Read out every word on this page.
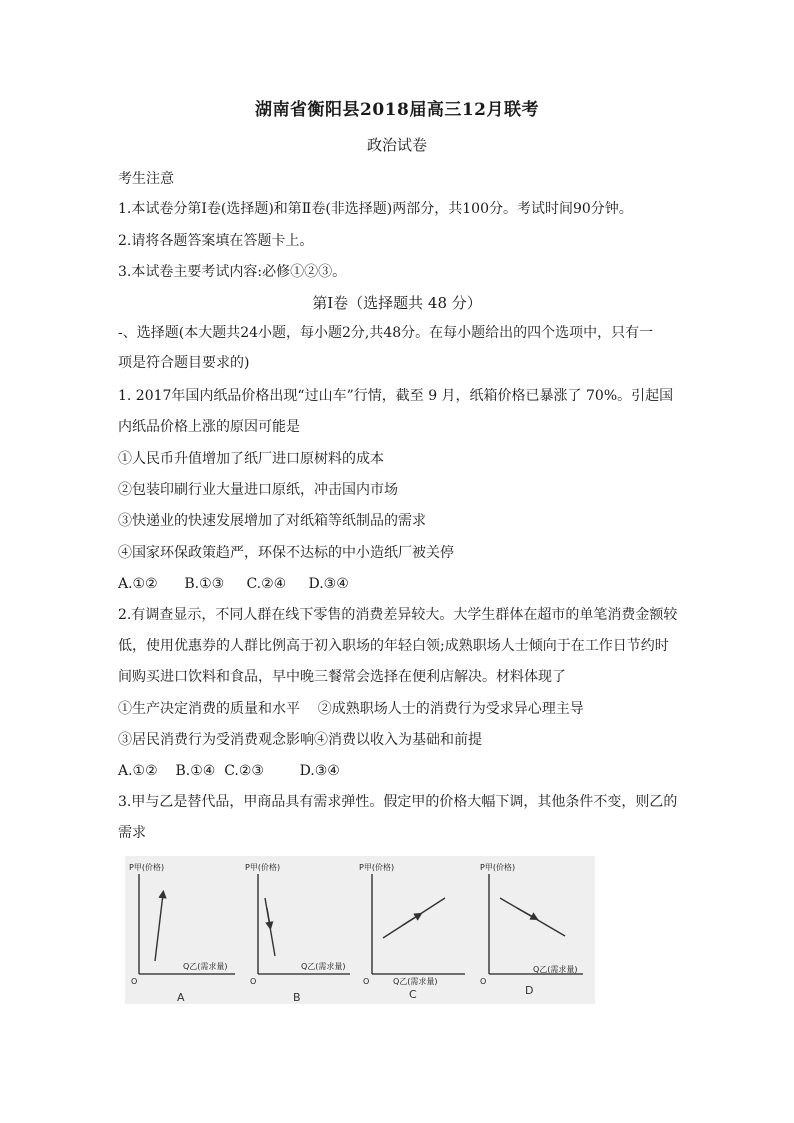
湖南省衡阳县2018届高三12月联考
政治试卷
考生注意
1.本试卷分第Ⅰ卷(选择题)和第Ⅱ卷(非选择题)两部分，共100分。考试时间90分钟。
2.请将各题答案填在答题卡上。
3.本试卷主要考试内容:必修①②③。
第Ⅰ卷（选择题共 48 分）
-、选择题(本大题共24小题，每小题2分,共48分。在每小题给出的四个选项中，只有一
项是符合题目要求的)
1. 2017年国内纸品价格出现“过山车”行情，截至 9 月，纸箱价格已暴涨了 70%。引起国
内纸品价格上涨的原因可能是
①人民币升值增加了纸厂进口原树料的成本
②包装印刷行业大量进口原纸，冲击国内市场
③快递业的快速发展增加了对纸箱等纸制品的需求
④国家环保政策趋严，环保不达标的中小造纸厂被关停
A.①②      B.①③     C.②④     D.③④
2.有调查显示，不同人群在线下零售的消费差异较大。大学生群体在超市的单笔消费金额较
低，使用优惠券的人群比例高于初入职场的年轻白领;成熟职场人士倾向于在工作日节约时
间购买进口饮料和食品，早中晚三餐常会选择在便利店解决。材料体现了
①生产决定消费的质量和水平    ②成熟职场人士的消费行为受求异心理主导
③居民消费行为受消费观念影响④消费以收入为基础和前提
A.①②    B.①④  C.②③        D.③④
3.甲与乙是替代品，甲商品具有需求弹性。假定甲的价格大幅下调，其他条件不变，则乙的
需求
P甲(价格)
Q乙(需求量)
O
A
P甲(价格)
Q乙(需求量)
O
B
P甲(价格)
Q乙(需求量)
O
C
P甲(价格)
Q乙(需求量)
O
D
